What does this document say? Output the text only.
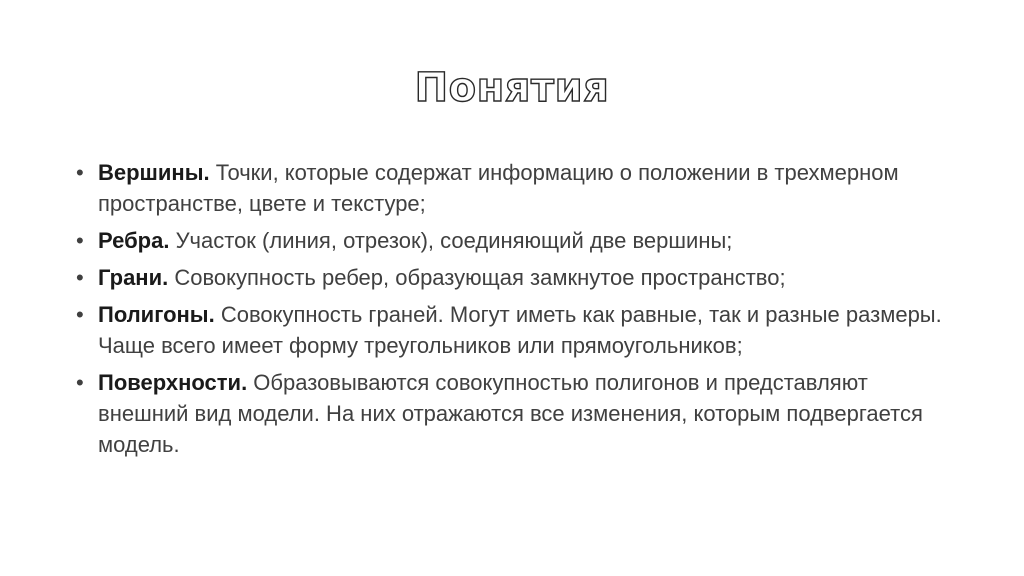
Понятия
• Вершины. Точки, которые содержат информацию о положении в трехмерном пространстве, цвете и текстуре;
• Ребра. Участок (линия, отрезок), соединяющий две вершины;
• Грани. Совокупность ребер, образующая замкнутое пространство;
• Полигоны. Совокупность граней. Могут иметь как равные, так и разные размеры. Чаще всего имеет форму треугольников или прямоугольников;
• Поверхности. Образовываются совокупностью полигонов и представляют внешний вид модели. На них отражаются все изменения, которым подвергается модель.
